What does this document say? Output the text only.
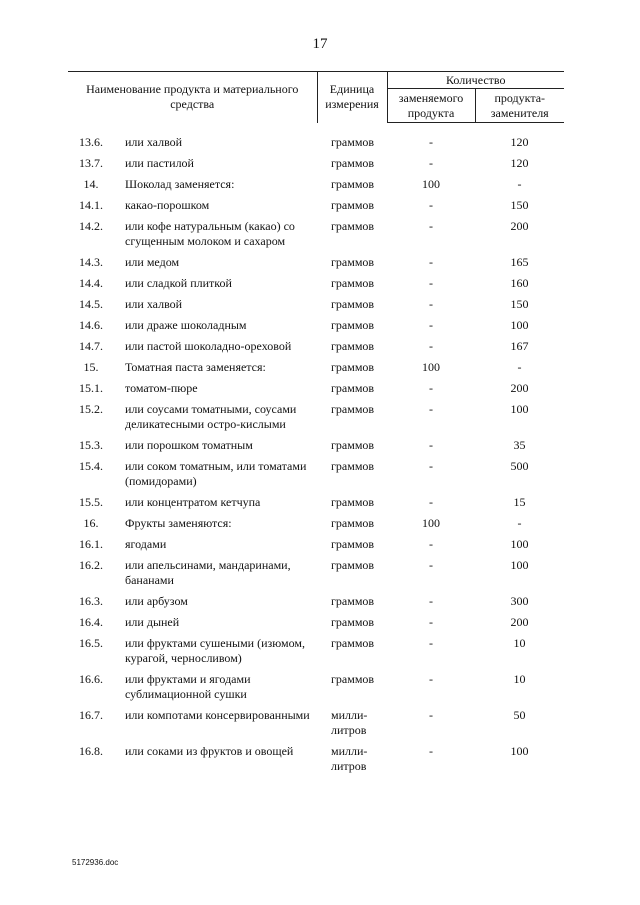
17
Наименование продукта и материального средства	Единица измерения	Количество	
		заменяемого продукта	продукта-заменителя

13.6. или халвой	граммов	-	120

13.7. или пастилой	граммов	-	120

14. Шоколад заменяется:	граммов	100	-

14.1. какао-порошком	граммов	-	150

14.2. или кофе натуральным (какао) со сгущенным молоком и сахаром	граммов	-	200

14.3. или медом	граммов	-	165

14.4. или сладкой плиткой	граммов	-	160

14.5. или халвой	граммов	-	150

14.6. или драже шоколадным	граммов	-	100

14.7. или пастой шоколадно-ореховой	граммов	-	167

15. Томатная паста заменяется:	граммов	100	-

15.1. томатом-пюре	граммов	-	200

15.2. или соусами томатными, соусами деликатесными остро-кислыми	граммов	-	100

15.3. или порошком томатным	граммов	-	35

15.4. или соком томатным, или томатами (помидорами)	граммов	-	500

15.5. или концентратом кетчупа	граммов	-	15

16. Фрукты заменяются:	граммов	100	-

16.1. ягодами	граммов	-	100

16.2. или апельсинами, мандаринами, бананами	граммов	-	100

16.3. или арбузом	граммов	-	300

16.4. или дыней	граммов	-	200

16.5. или фруктами сушеными (изюмом, курагой, черносливом)	граммов	-	10

16.6. или фруктами и ягодами сублимационной сушки	граммов	-	10

16.7. или компотами консервированными	милли-литров	-	50

16.8. или соками из фруктов и овощей	милли-литров	-	100
5172936.doc
